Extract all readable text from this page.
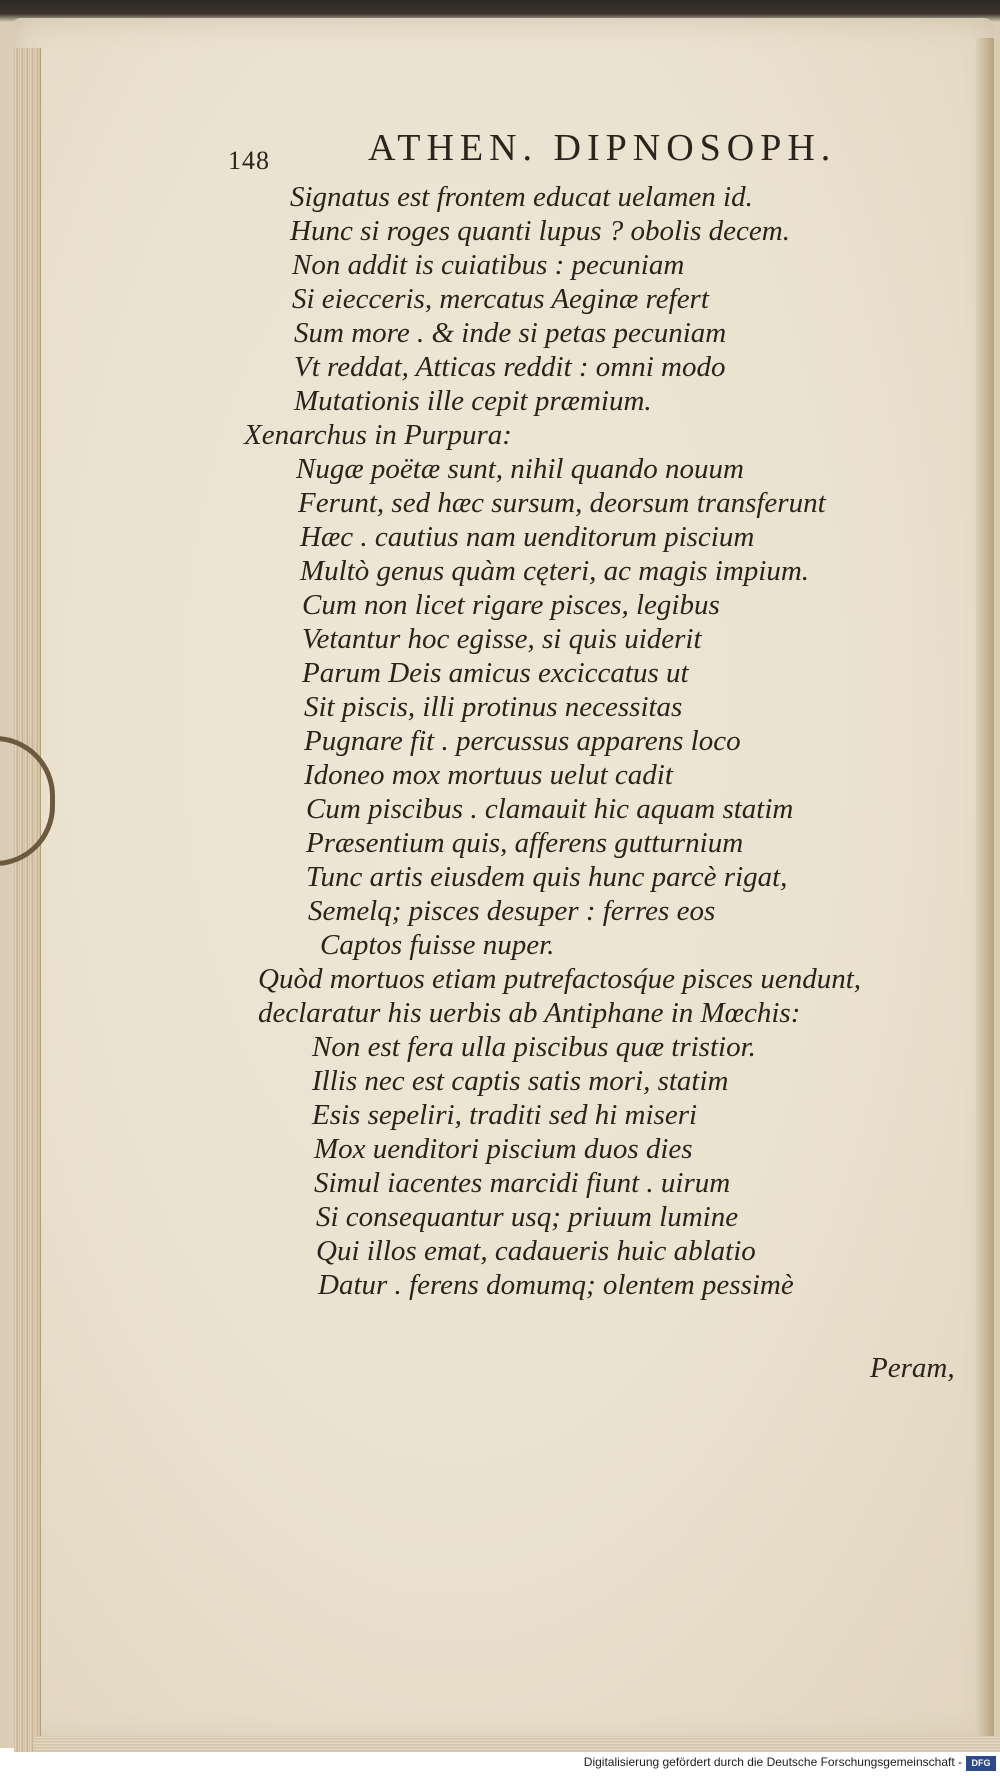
148	ATHEN. DIPNOSOPH.
Signatus est frontem educat uelamen id.
Hunc si roges quanti lupus ? obolis decem.
Non addit is cuiatibus : pecuniam
Si eiecceris, mercatus Aeginæ refert
Sum more . & inde si petas pecuniam
Vt reddat, Atticas reddit : omni modo
Mutationis ille cepit præmium.
Xenarchus in Purpura:
Nugæ poëtæ sunt, nihil quando nouum
Ferunt, sed hæc sursum, deorsum transferunt
Hæc . cautius nam uenditorum piscium
Multò genus quàm cęteri, ac magis impium.
Cum non licet rigare pisces, legibus
Vetantur hoc egisse, si quis uiderit
Parum Deis amicus exciccatus ut
Sit piscis, illi protinus necessitas
Pugnare fit . percussus apparens loco
Idoneo mox mortuus uelut cadit
Cum piscibus . clamauit hic aquam statim
Præsentium quis, afferens gutturnium
Tunc artis eiusdem quis hunc parcè rigat,
Semelq; pisces desuper : ferres eos
Captos fuisse nuper.
Quòd mortuos etiam putrefactosq́ue pisces uendunt,
declaratur his uerbis ab Antiphane in Mœchis:
Non est fera ulla piscibus quæ tristior.
Illis nec est captis satis mori, statim
Esis sepeliri, traditi sed hi miseri
Mox uenditori piscium duos dies
Simul iacentes marcidi fiunt . uirum
Si consequantur usq; priuum lumine
Qui illos emat, cadaueris huic ablatio
Datur . ferens domumq; olentem pessimè
Peram,
Digitalisierung gefördert durch die Deutsche Forschungsgemeinschaft -	DFG
